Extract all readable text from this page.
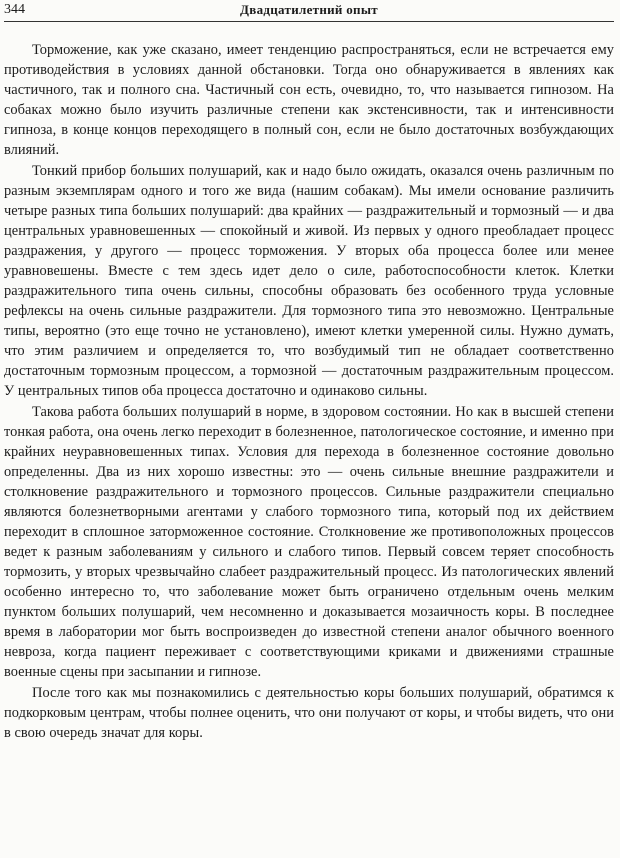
344	Двадцатилетний опыт

Торможение, как уже сказано, имеет тенденцию распространяться, если не встречается ему противодействия в условиях данной обстановки. Тогда оно обнаруживается в явлениях как частичного, так и полного сна. Частичный сон есть, очевидно, то, что называется гипнозом. На собаках можно было изучить различные степени как экстенсивности, так и интенсивности гипноза, в конце концов переходящего в полный сон, если не было достаточных возбуждающих влияний.

Тонкий прибор больших полушарий, как и надо было ожидать, оказался очень различным по разным экземплярам одного и того же вида (нашим собакам). Мы имели основание различить четыре разных типа больших полушарий: два крайних — раздражительный и тормозный — и два центральных уравновешенных — спокойный и живой. Из первых у одного преобладает процесс раздражения, у другого — процесс торможения. У вторых оба процесса более или менее уравновешены. Вместе с тем здесь идет дело о силе, работоспособности клеток. Клетки раздражительного типа очень сильны, способны образовать без особенного труда условные рефлексы на очень сильные раздражители. Для тормозного типа это невозможно. Центральные типы, вероятно (это еще точно не установлено), имеют клетки умеренной силы. Нужно думать, что этим различием и определяется то, что возбудимый тип не обладает соответственно достаточным тормозным процессом, а тормозной — достаточным раздражительным процессом. У центральных типов оба процесса достаточно и одинаково сильны.

Такова работа больших полушарий в норме, в здоровом состоянии. Но как в высшей степени тонкая работа, она очень легко переходит в болезненное, патологическое состояние, и именно при крайних неуравновешенных типах. Условия для перехода в болезненное состояние довольно определенны. Два из них хорошо известны: это — очень сильные внешние раздражители и столкновение раздражительного и тормозного процессов. Сильные раздражители специально являются болезнетворными агентами у слабого тормозного типа, который под их действием переходит в сплошное заторможенное состояние. Столкновение же противоположных процессов ведет к разным заболеваниям у сильного и слабого типов. Первый совсем теряет способность тормозить, у вторых чрезвычайно слабеет раздражительный процесс. Из патологических явлений особенно интересно то, что заболевание может быть ограничено отдельным очень мелким пунктом больших полушарий, чем несомненно и доказывается мозаичность коры. В последнее время в лаборатории мог быть воспроизведен до известной степени аналог обычного военного невроза, когда пациент переживает с соответствующими криками и движениями страшные военные сцены при засыпании и гипнозе.

После того как мы познакомились с деятельностью коры больших полушарий, обратимся к подкорковым центрам, чтобы полнее оценить, что они получают от коры, и чтобы видеть, что они в свою очередь значат для коры.
